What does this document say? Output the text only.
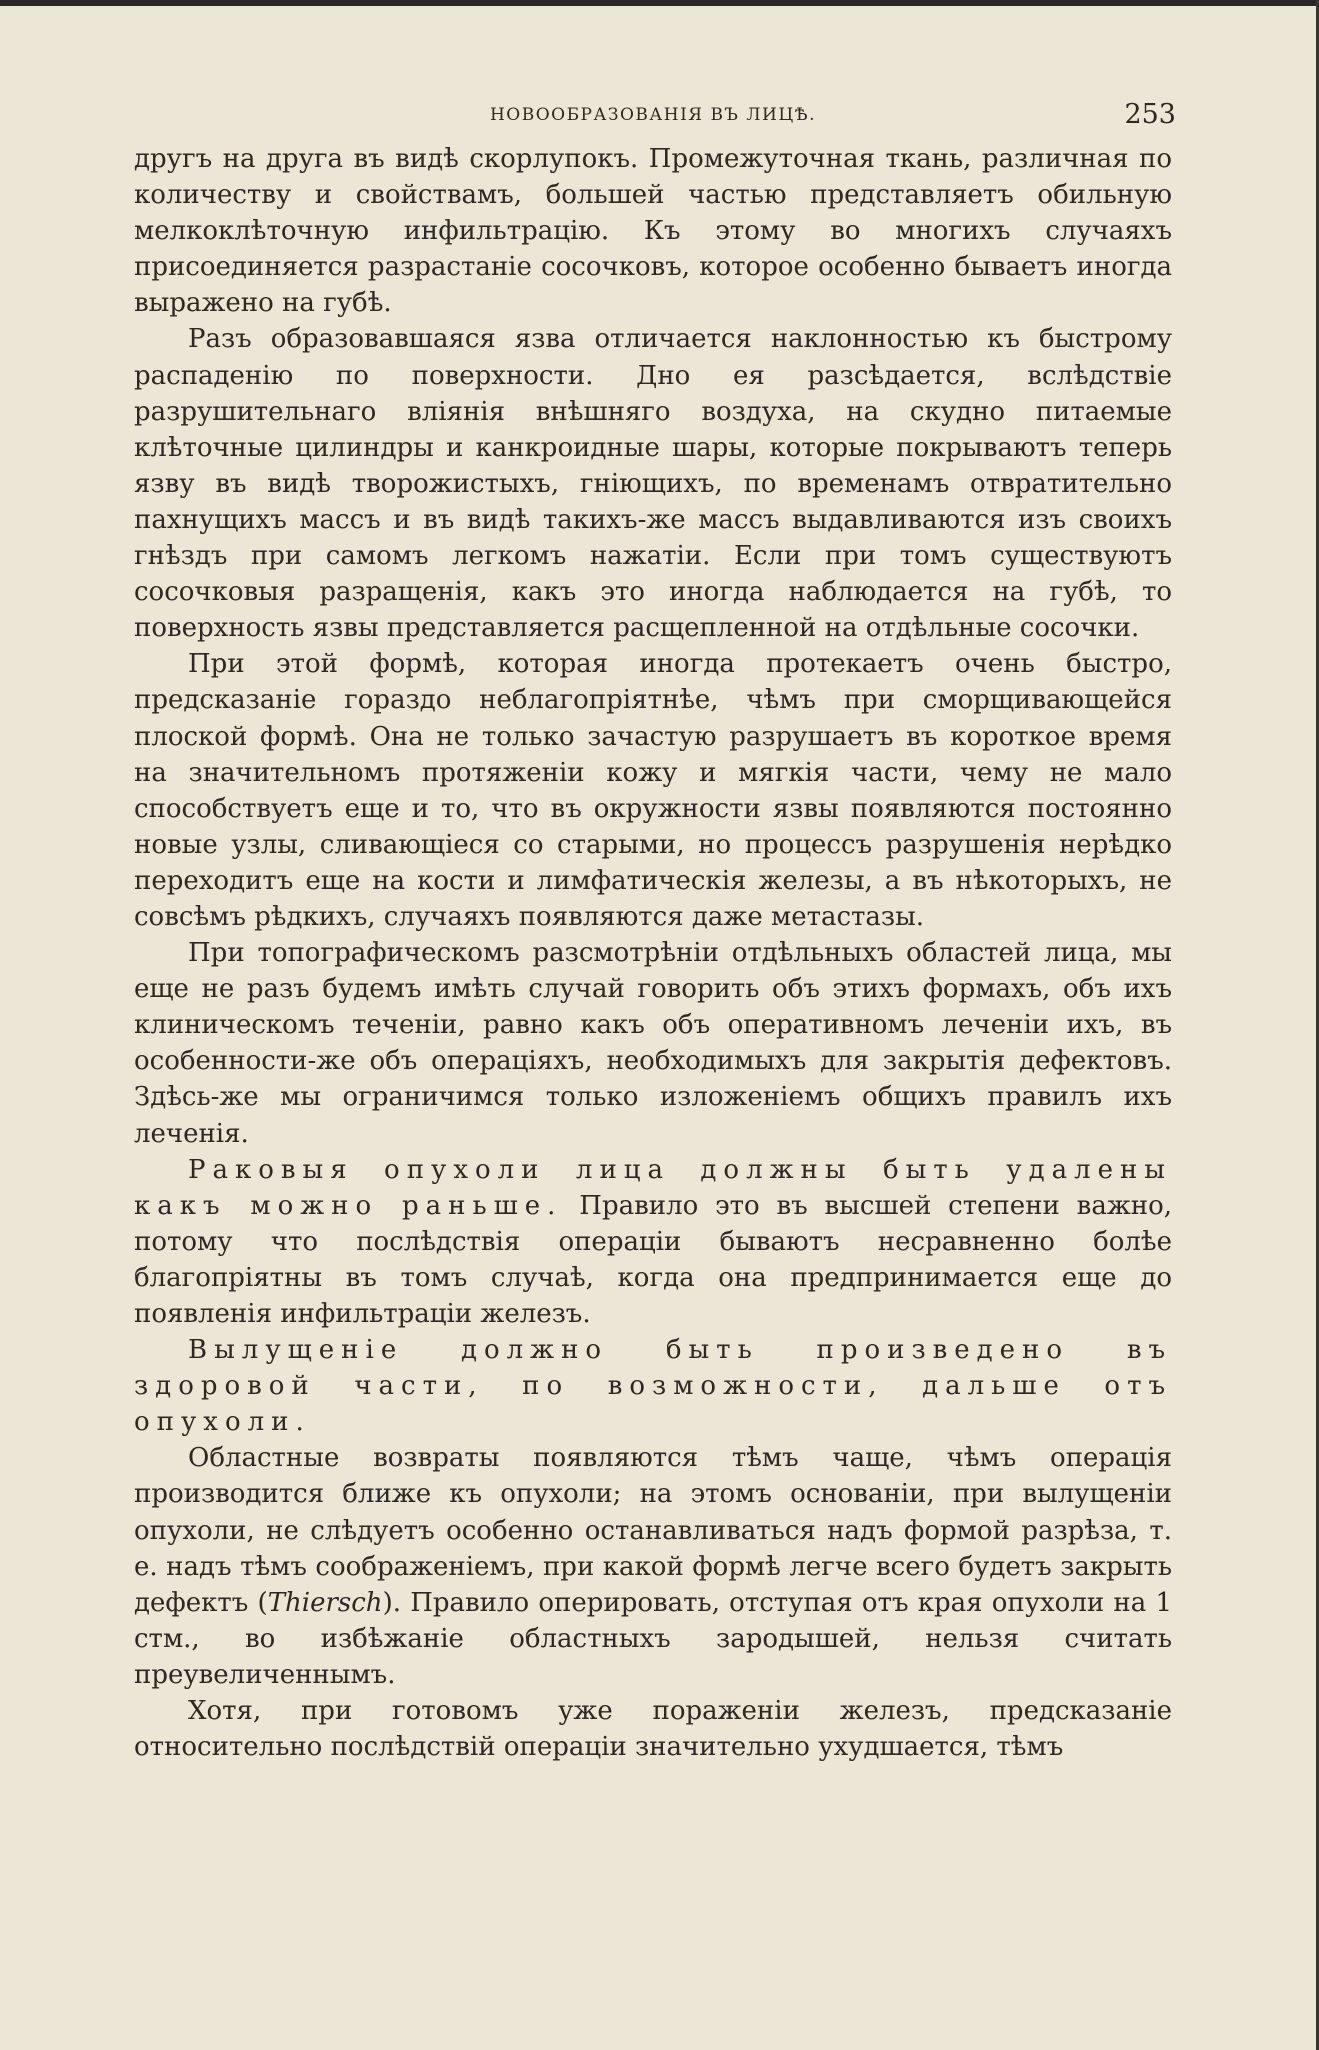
НОВООБРАЗОВАНІЯ ВЪ ЛИЦѢ.	253

другъ на друга въ видѣ скорлупокъ. Промежуточная ткань, различная по количеству и свойствамъ, большей частью представляетъ обильную мелкоклѣточную инфильтрацію. Къ этому во многихъ случаяхъ присоединяется разрастаніе сосочковъ, которое особенно бываетъ иногда выражено на губѣ.

Разъ образовавшаяся язва отличается наклонностью къ быстрому распаденію по поверхности. Дно ея разсѣдается, вслѣдствіе разрушительнаго вліянія внѣшняго воздуха, на скудно питаемые клѣточные цилиндры и канкроидные шары, которые покрываютъ теперь язву въ видѣ творожистыхъ, гніющихъ, по временамъ отвратительно пахнущихъ массъ и въ видѣ такихъ-же массъ выдавливаются изъ своихъ гнѣздъ при самомъ легкомъ нажатіи. Если при томъ существуютъ сосочковыя разращенія, какъ это иногда наблюдается на губѣ, то поверхность язвы представляется расщепленной на отдѣльные сосочки.

При этой формѣ, которая иногда протекаетъ очень быстро, предсказаніе гораздо неблагопріятнѣе, чѣмъ при сморщивающейся плоской формѣ. Она не только зачастую разрушаетъ въ короткое время на значительномъ протяженіи кожу и мягкія части, чему не мало способствуетъ еще и то, что въ окружности язвы появляются постоянно новые узлы, сливающіеся со старыми, но процессъ разрушенія нерѣдко переходитъ еще на кости и лимфатическія железы, а въ нѣкоторыхъ, не совсѣмъ рѣдкихъ, случаяхъ появляются даже метастазы.

При топографическомъ разсмотрѣніи отдѣльныхъ областей лица, мы еще не разъ будемъ имѣть случай говорить объ этихъ формахъ, объ ихъ клиническомъ теченіи, равно какъ объ оперативномъ леченіи ихъ, въ особенности-же объ операціяхъ, необходимыхъ для закрытія дефектовъ. Здѣсь-же мы ограничимся только изложеніемъ общихъ правилъ ихъ леченія.

Раковыя опухоли лица должны быть удалены какъ можно раньше. Правило это въ высшей степени важно, потому что послѣдствія операціи бываютъ несравненно болѣе благопріятны въ томъ случаѣ, когда она предпринимается еще до появленія инфильтраціи железъ.

Вылущеніе должно быть произведено въ здоровой части, по возможности, дальше отъ опухоли.

Областные возвраты появляются тѣмъ чаще, чѣмъ операція производится ближе къ опухоли; на этомъ основаніи, при вылущеніи опухоли, не слѣдуетъ особенно останавливаться надъ формой разрѣза, т. е. надъ тѣмъ соображеніемъ, при какой формѣ легче всего будетъ закрыть дефектъ (Thiersch). Правило оперировать, отступая отъ края опухоли на 1 стм., во избѣжаніе областныхъ зародышей, нельзя считать преувеличеннымъ.

Хотя, при готовомъ уже пораженіи железъ, предсказаніе относительно послѣдствій операціи значительно ухудшается, тѣмъ
